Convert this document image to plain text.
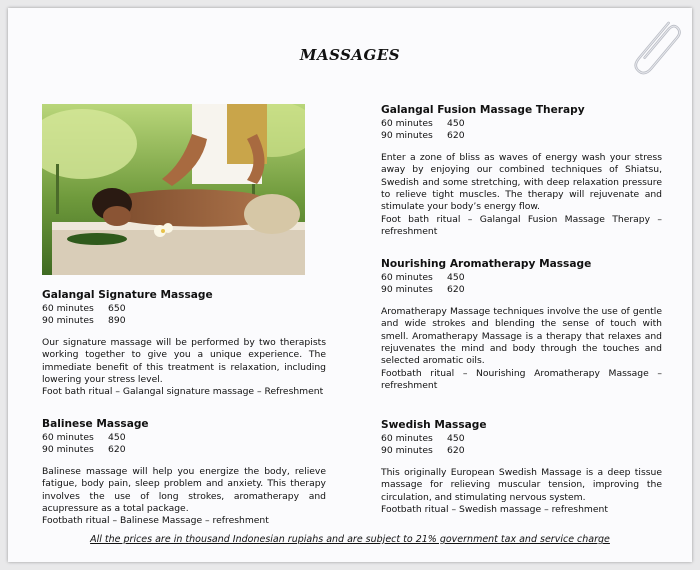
MASSAGES
Galangal Signature Massage
60 minutes	650
90 minutes	890

Our signature massage will be performed by two therapists working together to give you a unique experience. The immediate benefit of this treatment is relaxation, including lowering your stress level.

Foot bath ritual – Galangal signature massage – Refreshment

Balinese Massage
60 minutes	450
90 minutes	620

Balinese massage will help you energize the body, relieve fatigue, body pain, sleep problem and anxiety. This therapy involves the use of long strokes, aromatherapy and acupressure as a total package.

Footbath ritual – Balinese Massage – refreshment

Galangal Fusion Massage Therapy
60 minutes	450
90 minutes	620

Enter a zone of bliss as waves of energy wash your stress away by enjoying our combined techniques of Shiatsu, Swedish and some stretching, with deep relaxation pressure to relieve tight muscles. The therapy will rejuvenate and stimulate your body’s energy flow.

Foot bath ritual – Galangal Fusion Massage Therapy – refreshment

Nourishing Aromatherapy Massage
60 minutes	450
90 minutes	620

Aromatherapy Massage techniques involve the use of gentle and wide strokes and blending the sense of touch with smell. Aromatherapy Massage is a therapy that relaxes and rejuvenates the mind and body through the touches and selected aromatic oils.

Footbath ritual – Nourishing Aromatherapy Massage – refreshment

Swedish Massage
60 minutes	450
90 minutes	620

This originally European Swedish Massage is a deep tissue massage for relieving muscular tension, improving the circulation, and stimulating nervous system.

Footbath ritual – Swedish massage – refreshment

All the prices are in thousand Indonesian rupiahs and are subject to 21% government tax and service charge
